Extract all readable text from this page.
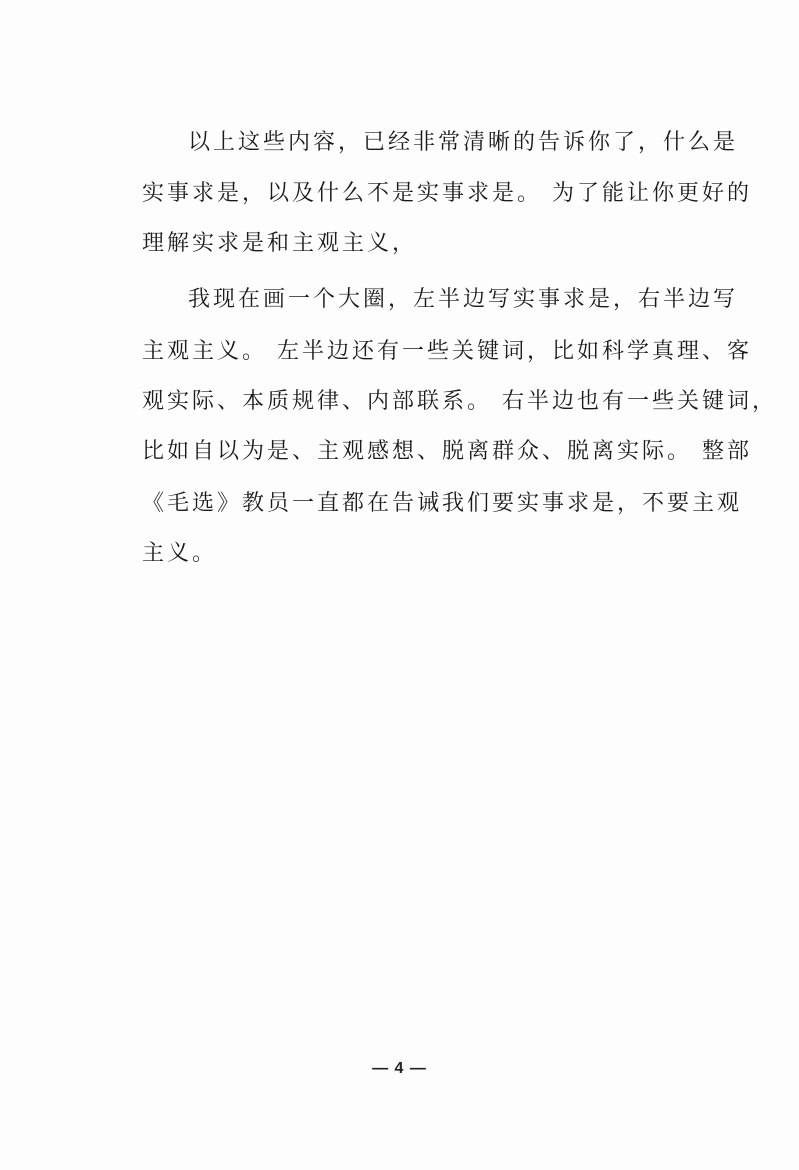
以上这些内容，已经非常清晰的告诉你了，什么是

实事求是，以及什么不是实事求是。 为了能让你更好的

理解实求是和主观主义，

我现在画一个大圈，左半边写实事求是，右半边写

主观主义。 左半边还有一些关键词，比如科学真理、客

观实际、本质规律、内部联系。 右半边也有一些关键词，

比如自以为是、主观感想、脱离群众、脱离实际。 整部

《毛选》教员一直都在告诫我们要实事求是，不要主观

主义。

— 4 —
